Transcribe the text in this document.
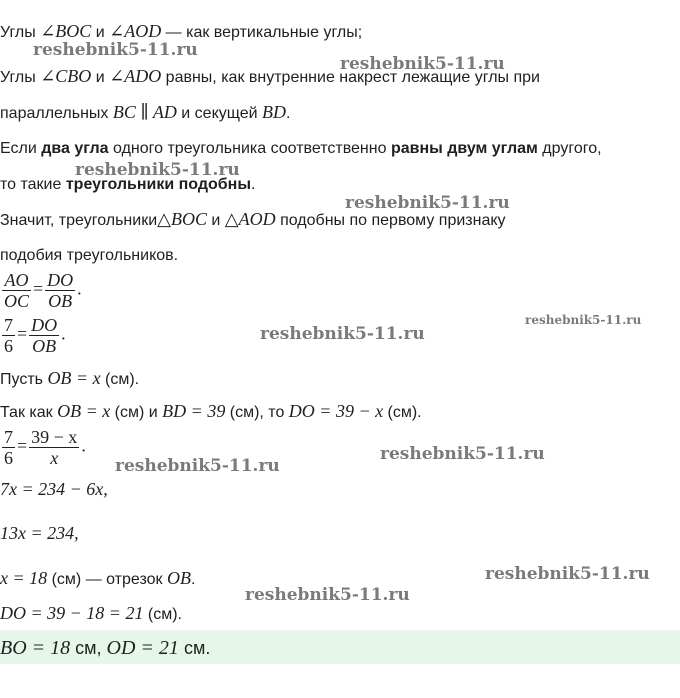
Углы ∠BOC и ∠AOD — как вертикальные углы;
Углы ∠CBO и ∠ADO равны, как внутренние накрест лежащие углы при
параллельных BC ∥ AD и секущей BD.
Если два угла одного треугольника соответственно равны двум углам другого,
то такие треугольники подобны.
Значит, треугольники△BOC и △AOD подобны по первому признаку
подобия треугольников.
$\frac{AO}{OC} = \frac{DO}{OB}$ .
$\frac{7}{6} = \frac{DO}{OB}$ .
Пусть OB = x (см).
Так как OB = x (см) и BD = 39 (см), то DO = 39 − x (см).
$\frac{7}{6} = \frac{39 - x}{x}$ .
7x = 234 − 6x,
13x = 234,
x = 18 (см) — отрезок OB.
DO = 39 − 18 = 21 (см).
BO = 18 см, OD = 21 см.
reshebnik5-11.ru
reshebnik5-11.ru
reshebnik5-11.ru
reshebnik5-11.ru
reshebnik5-11.ru
reshebnik5-11.ru
reshebnik5-11.ru
reshebnik5-11.ru
reshebnik5-11.ru
reshebnik5-11.ru
